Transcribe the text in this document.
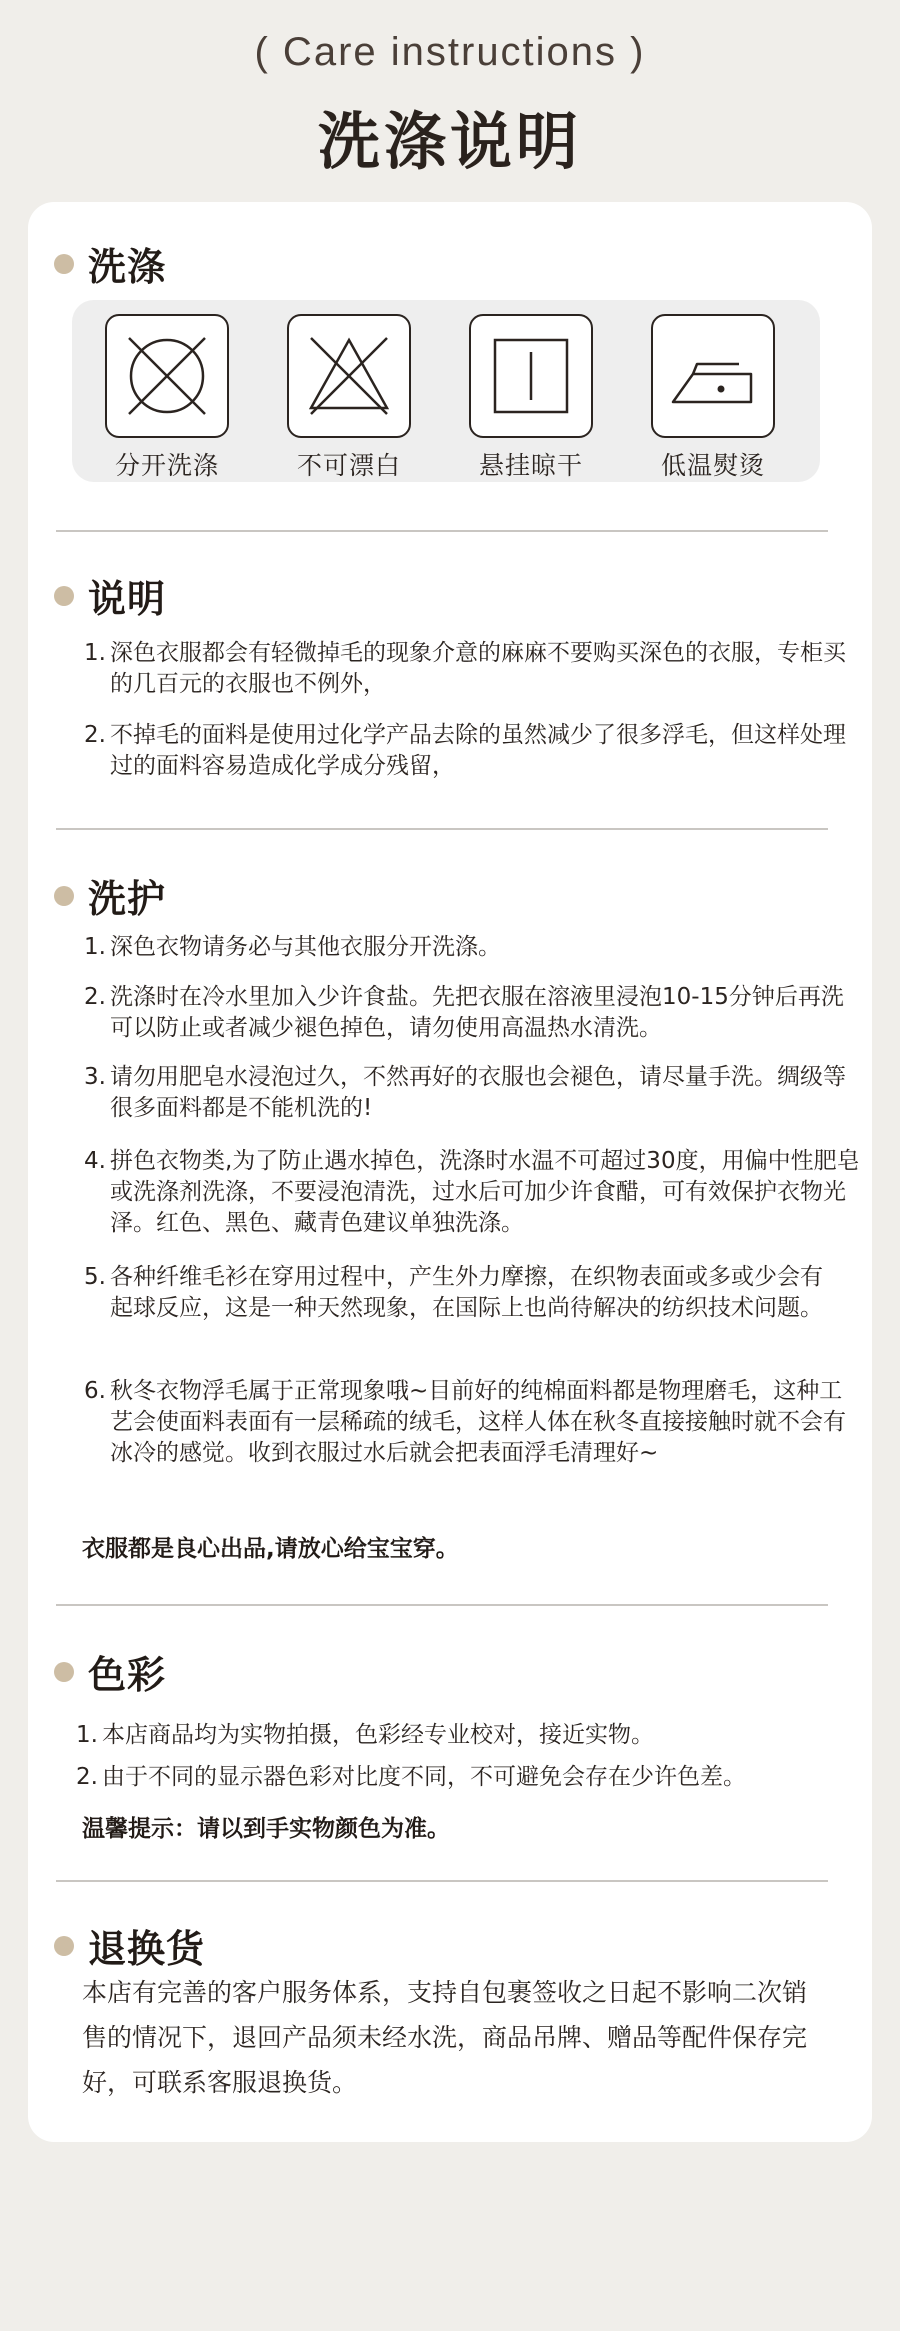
( Care instructions )
洗涤说明
洗涤
分开洗涤	不可漂白	悬挂晾干	低温熨烫
说明
1. 深色衣服都会有轻微掉毛的现象介意的麻麻不要购买深色的衣服，专柜买的几百元的衣服也不例外，
2. 不掉毛的面料是使用过化学产品去除的虽然减少了很多浮毛，但这样处理过的面料容易造成化学成分残留，
洗护
1. 深色衣物请务必与其他衣服分开洗涤。
2. 洗涤时在冷水里加入少许食盐。先把衣服在溶液里浸泡10-15分钟后再洗可以防止或者减少褪色掉色，请勿使用高温热水清洗。
3. 请勿用肥皂水浸泡过久，不然再好的衣服也会褪色，请尽量手洗。绸级等很多面料都是不能机洗的!
4. 拼色衣物类,为了防止遇水掉色，洗涤时水温不可超过30度，用偏中性肥皂或洗涤剂洗涤，不要浸泡清洗，过水后可加少许食醋，可有效保护衣物光泽。红色、黑色、藏青色建议单独洗涤。
5. 各种纤维毛衫在穿用过程中，产生外力摩擦，在织物表面或多或少会有起球反应，这是一种天然现象，在国际上也尚待解决的纺织技术问题。
6. 秋冬衣物浮毛属于正常现象哦~目前好的纯棉面料都是物理磨毛，这种工艺会使面料表面有一层稀疏的绒毛，这样人体在秋冬直接接触时就不会有冰冷的感觉。收到衣服过水后就会把表面浮毛清理好~
衣服都是良心出品,请放心给宝宝穿。
色彩
1. 本店商品均为实物拍摄，色彩经专业校对，接近实物。
2. 由于不同的显示器色彩对比度不同，不可避免会存在少许色差。
温馨提示：请以到手实物颜色为准。
退换货
本店有完善的客户服务体系，支持自包裹签收之日起不影响二次销售的情况下，退回产品须未经水洗，商品吊牌、赠品等配件保存完好，可联系客服退换货。
